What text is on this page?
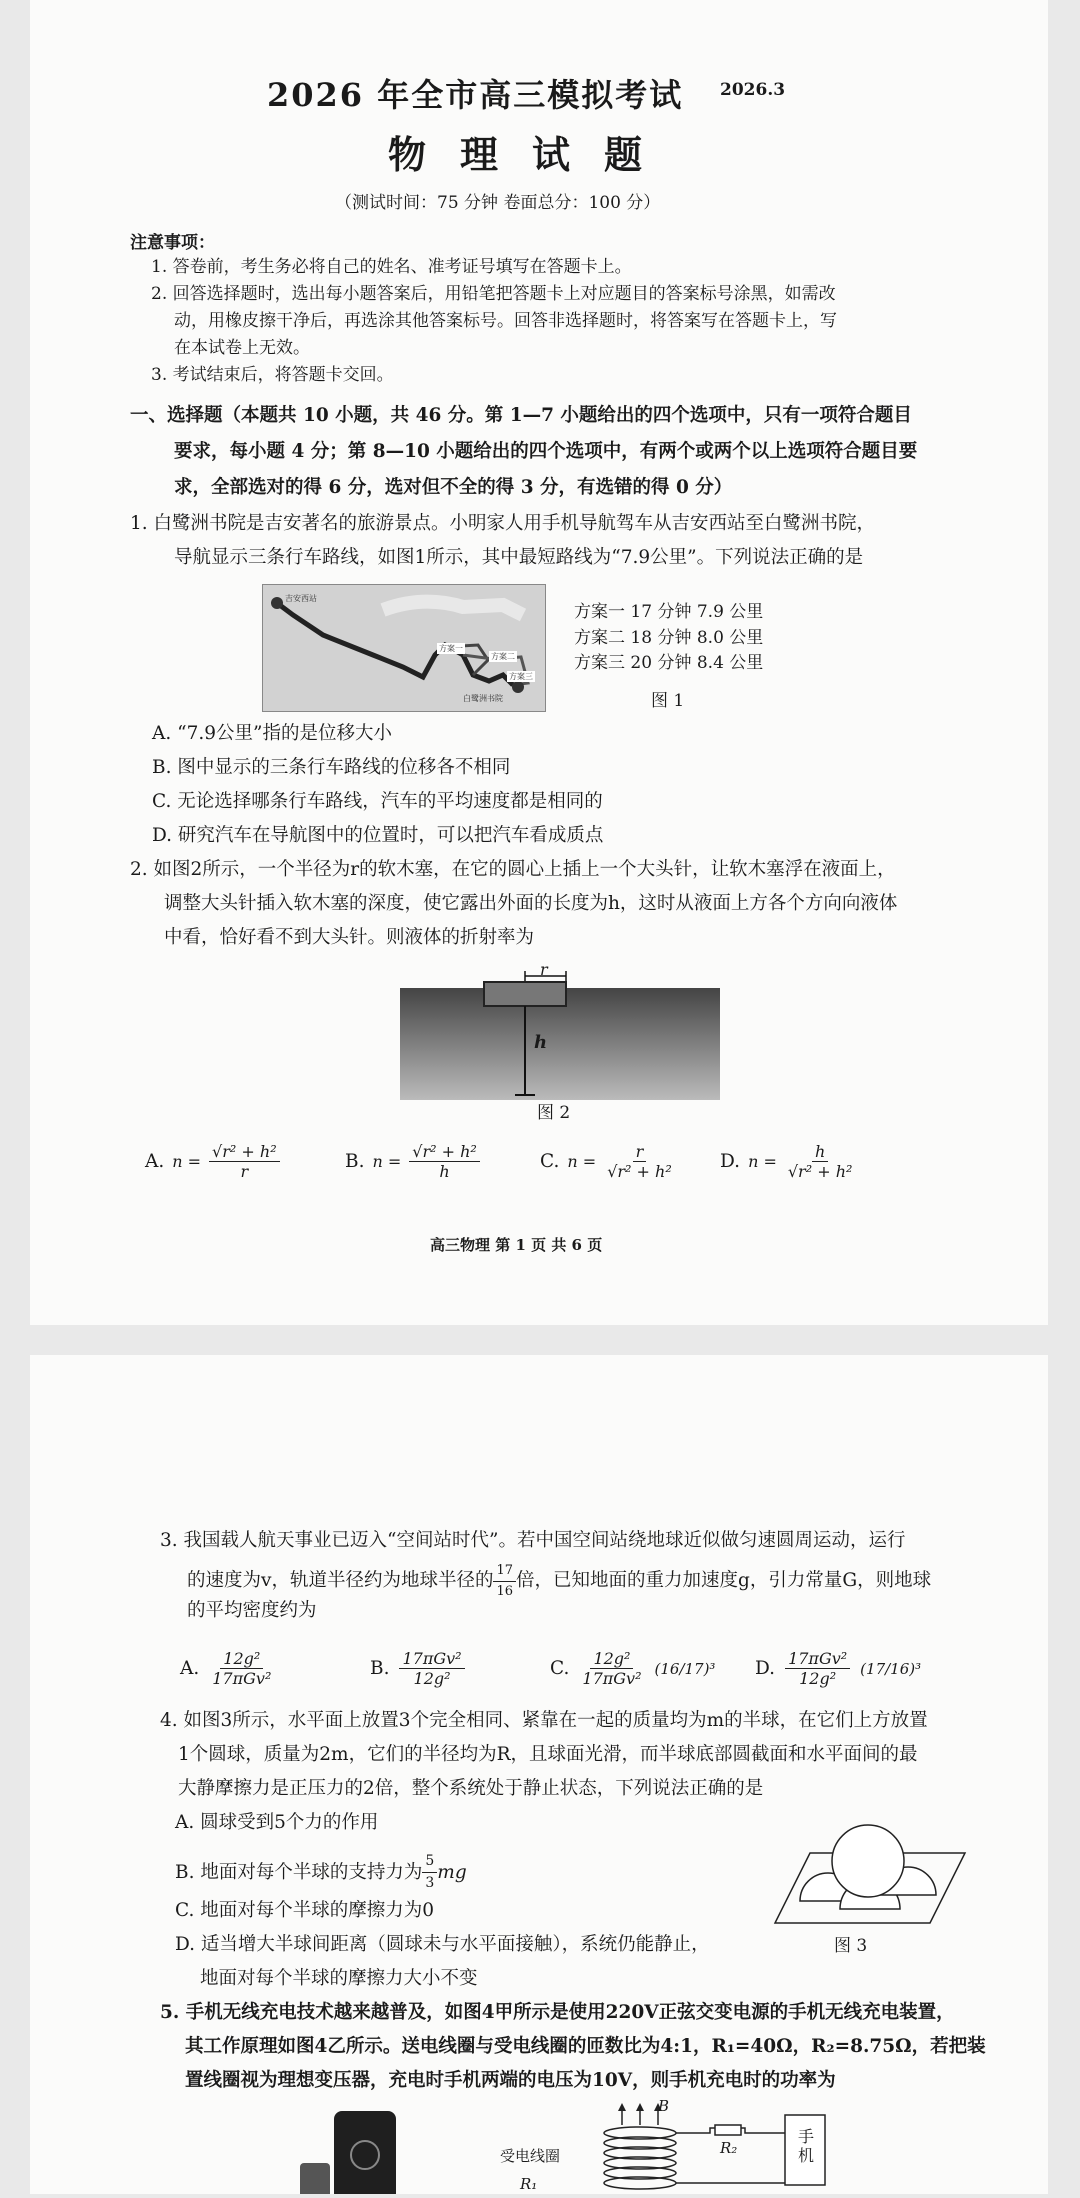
2026 年全市高三模拟考试 2026.3
物理试题
（测试时间：75 分钟 卷面总分：100 分）
注意事项：
1. 答卷前，考生务必将自己的姓名、准考证号填写在答题卡上。
2. 回答选择题时，选出每小题答案后，用铅笔把答题卡上对应题目的答案标号涂黑，如需改
动，用橡皮擦干净后，再选涂其他答案标号。回答非选择题时，将答案写在答题卡上，写
在本试卷上无效。
3. 考试结束后，将答题卡交回。
一、选择题（本题共 10 小题，共 46 分。第 1—7 小题给出的四个选项中，只有一项符合题目
要求，每小题 4 分；第 8—10 小题给出的四个选项中，有两个或两个以上选项符合题目要
求，全部选对的得 6 分，选对但不全的得 3 分，有选错的得 0 分）
1. 白鹭洲书院是吉安著名的旅游景点。小明家人用手机导航驾车从吉安西站至白鹭洲书院，
导航显示三条行车路线，如图1所示，其中最短路线为“7.9公里”。下列说法正确的是
吉安西站
白鹭洲书院
方案一
方案二
方案三
方案一 17 分钟 7.9 公里
方案二 18 分钟 8.0 公里
方案三 20 分钟 8.4 公里
图 1
A. “7.9公里”指的是位移大小
B. 图中显示的三条行车路线的位移各不相同
C. 无论选择哪条行车路线，汽车的平均速度都是相同的
D. 研究汽车在导航图中的位置时，可以把汽车看成质点
2. 如图2所示，一个半径为r的软木塞，在它的圆心上插上一个大头针，让软木塞浮在液面上，
调整大头针插入软木塞的深度，使它露出外面的长度为h，这时从液面上方各个方向向液体
中看，恰好看不到大头针。则液体的折射率为
r
h
图 2
A. $n = \frac{\text{√r² + h²}}{r}$	B. $n = \frac{\text{√r² + h²}}{h}$	C. $n = \frac{r}{\text{√r² + h²}} D$. $n = \frac{h}{\text{√r² + h²}}$
高三物理 第 1 页 共 6 页
3. 我国载人航天事业已迈入“空间站时代”。若中国空间站绕地球近似做匀速圆周运动，运行
的速度为v，轨道半径约为地球半径的 $\frac{17}{16}$ 倍，已知地面的重力加速度g，引力常量G，则地球
的平均密度约为
A. $\frac{\text{12g²}}{\text{17πGv²}}$	B. $\frac{\text{17πGv²}}{\text{12g²}}$	C. $\frac{\text{12g²}}{\text{17πGv²}} (16/17)^3$ D. $\frac{\text{17πGv²}}{\text{12g²}} (17/16)^3$
4. 如图3所示，水平面上放置3个完全相同、紧靠在一起的质量均为m的半球，在它们上方放置
1个圆球，质量为2m，它们的半径均为R，且球面光滑，而半球底部圆截面和水平面间的最
大静摩擦力是正压力的2倍，整个系统处于静止状态，下列说法正确的是
A. 圆球受到5个力的作用
B. 地面对每个半球的支持力为 $\frac{5}{3}$ mg
C. 地面对每个半球的摩擦力为0
D. 适当增大半球间距离（圆球未与水平面接触），系统仍能静止，
地面对每个半球的摩擦力大小不变
图 3
5. 手机无线充电技术越来越普及，如图4甲所示是使用220V正弦交变电源的手机无线充电装置，
其工作原理如图4乙所示。送电线圈与受电线圈的匝数比为4:1，R₁=40Ω，R₂=8.75Ω，若把装
置线圈视为理想变压器，充电时手机两端的电压为10V，则手机充电时的功率为
B
受电线圈
R₁
R₂
手机
